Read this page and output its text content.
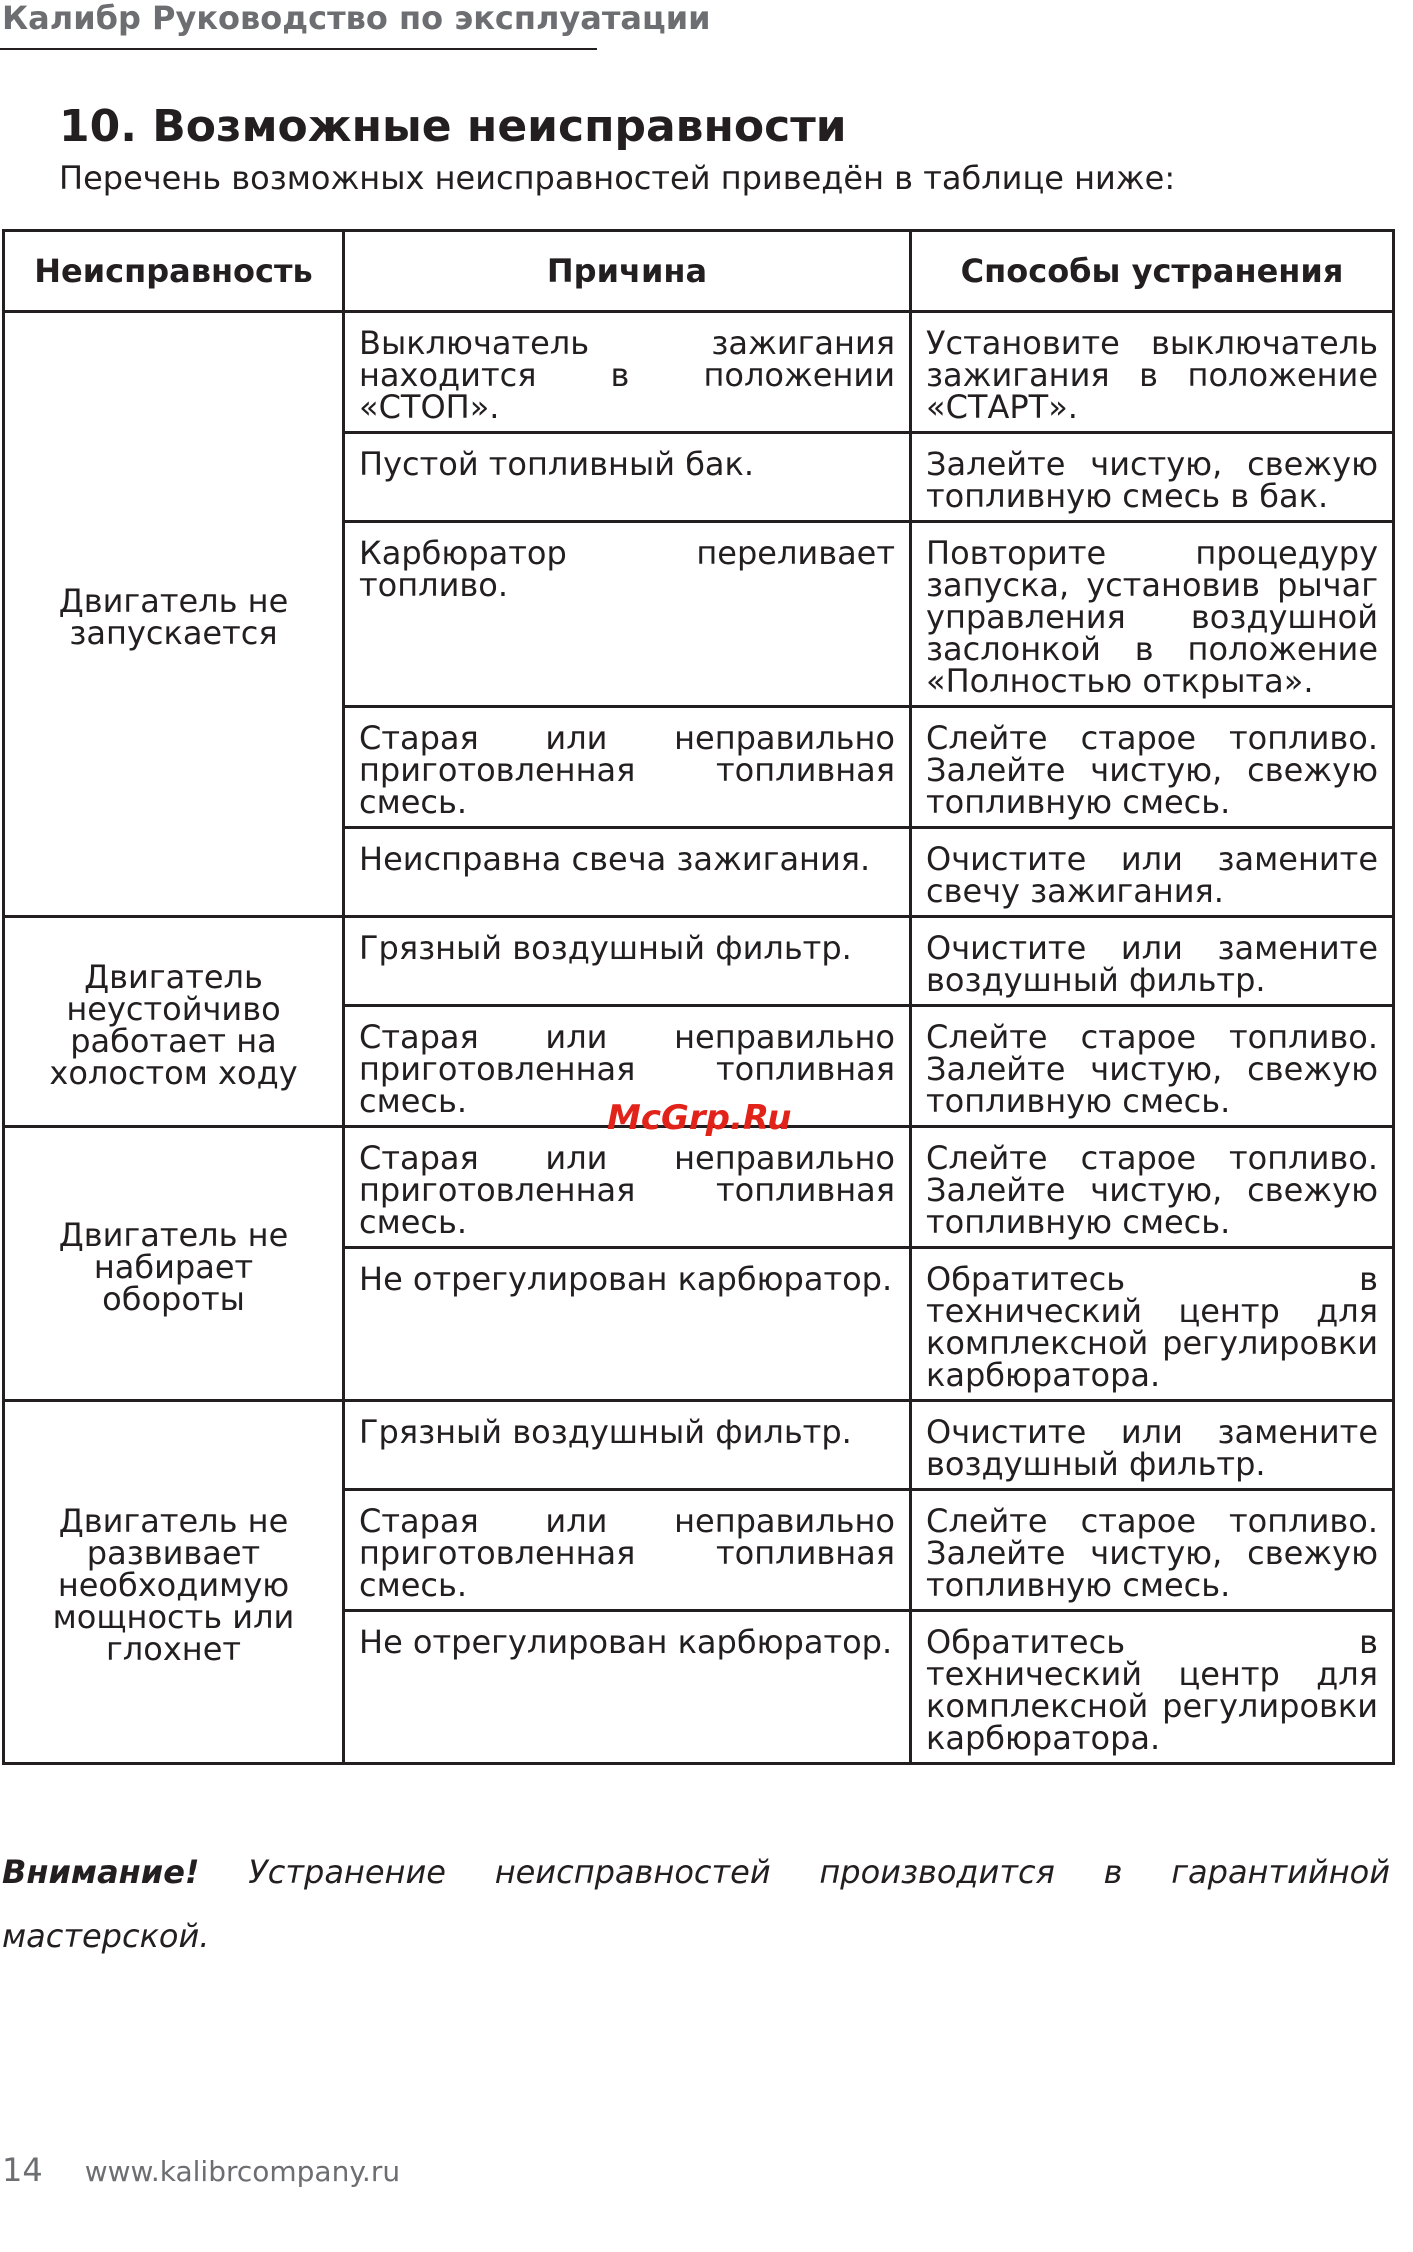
Калибр Руководство по эксплуатации
10. Возможные неисправности
Перечень возможных неисправностей приведён в таблице ниже:
Неисправность	Причина	Способы устранения
Двигатель не запускается	Выключатель зажигания находится в положении «СТОП».	Установите выключатель зажигания в положение «СТАРТ».
	Пустой топливный бак.	Залейте чистую, свежую топливную смесь в бак.
	Карбюратор переливает топливо.	Повторите процедуру запуска, установив рычаг управления воздушной заслонкой в положение «Полностью открыта».
	Старая или неправильно приготовленная топливная смесь.	Слейте старое топливо. Залейте чистую, свежую топливную смесь.
	Неисправна свеча зажигания.	Очистите или замените свечу зажигания.
Двигатель неустойчиво работает на холостом ходу	Грязный воздушный фильтр.	Очистите или замените воздушный фильтр.
	Старая или неправильно приготовленная топливная смесь.	Слейте старое топливо. Залейте чистую, свежую топливную смесь.
Двигатель не набирает обороты	Старая или неправильно приготовленная топливная смесь.	Слейте старое топливо. Залейте чистую, свежую топливную смесь.
	Не отрегулирован карбюратор.	Обратитесь в технический центр для комплексной регулировки карбюратора.
Двигатель не развивает необходимую мощность или глохнет	Грязный воздушный фильтр.	Очистите или замените воздушный фильтр.
	Старая или неправильно приготовленная топливная смесь.	Слейте старое топливо. Залейте чистую, свежую топливную смесь.
	Не отрегулирован карбюратор.	Обратитесь в технический центр для комплексной регулировки карбюратора.
McGrp.Ru
Внимание! Устранение неисправностей производится в гарантийной мастерской.
14 www.kalibrcompany.ru
